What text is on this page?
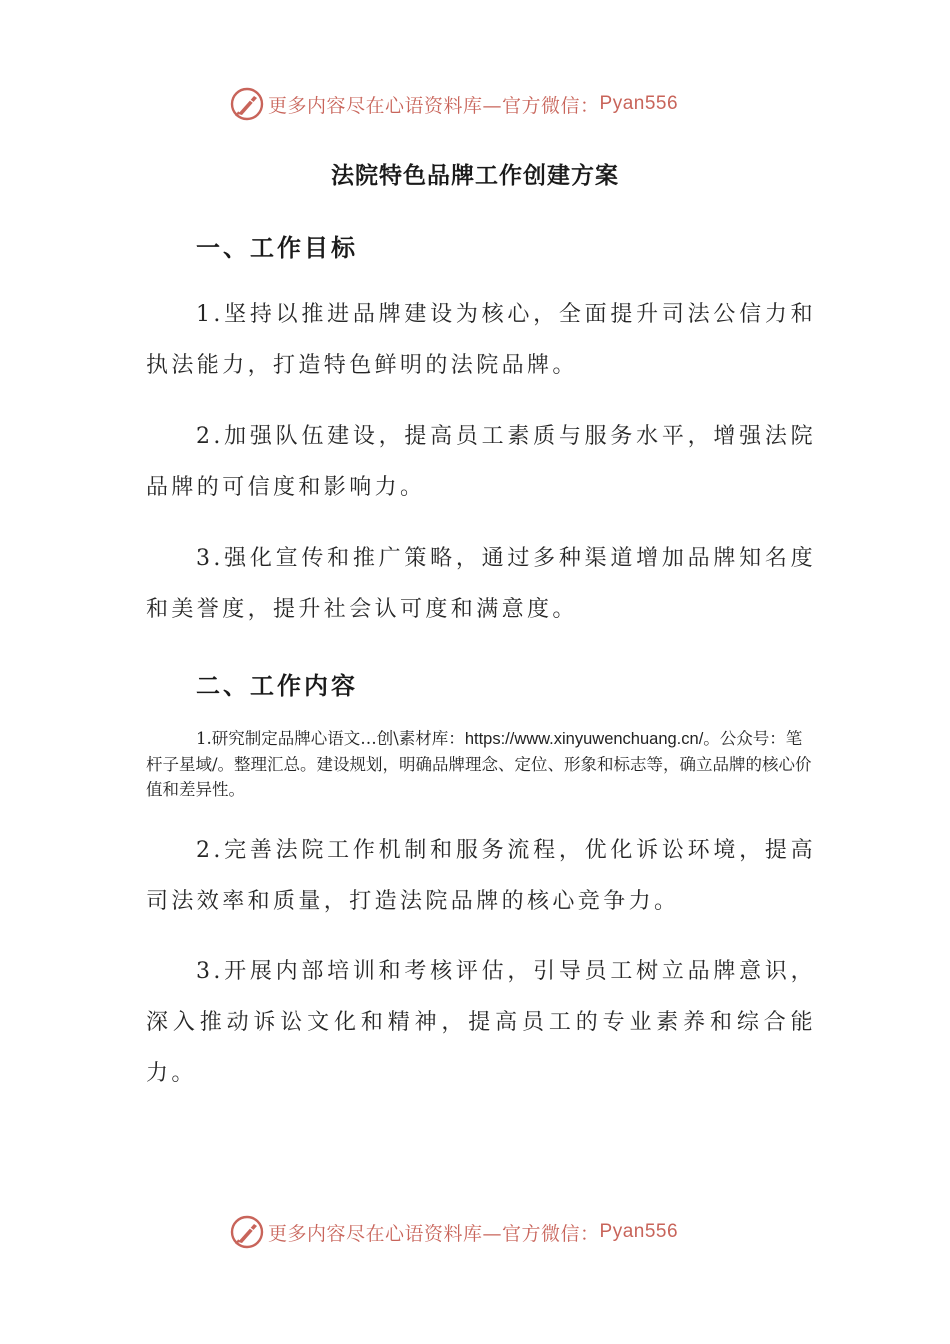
更多内容尽在心语资料库—官方微信： Pyan556
法院特色品牌工作创建方案
一、工作目标

1.坚持以推进品牌建设为核心，全面提升司法公信力和执法能力，打造特色鲜明的法院品牌。

2.加强队伍建设，提高员工素质与服务水平，增强法院品牌的可信度和影响力。

3.强化宣传和推广策略，通过多种渠道增加品牌知名度和美誉度，提升社会认可度和满意度。

二、工作内容

1.研究制定品牌心语文…创\素材库：https://www.xinyuwenchuang.cn/。公众号：笔杆子星域/。整理汇总。建设规划，明确品牌理念、定位、形象和标志等，确立品牌的核心价值和差异性。

2.完善法院工作机制和服务流程，优化诉讼环境，提高司法效率和质量，打造法院品牌的核心竞争力。

3.开展内部培训和考核评估，引导员工树立品牌意识，深入推动诉讼文化和精神，提高员工的专业素养和综合能力。

更多内容尽在心语资料库—官方微信： Pyan556
